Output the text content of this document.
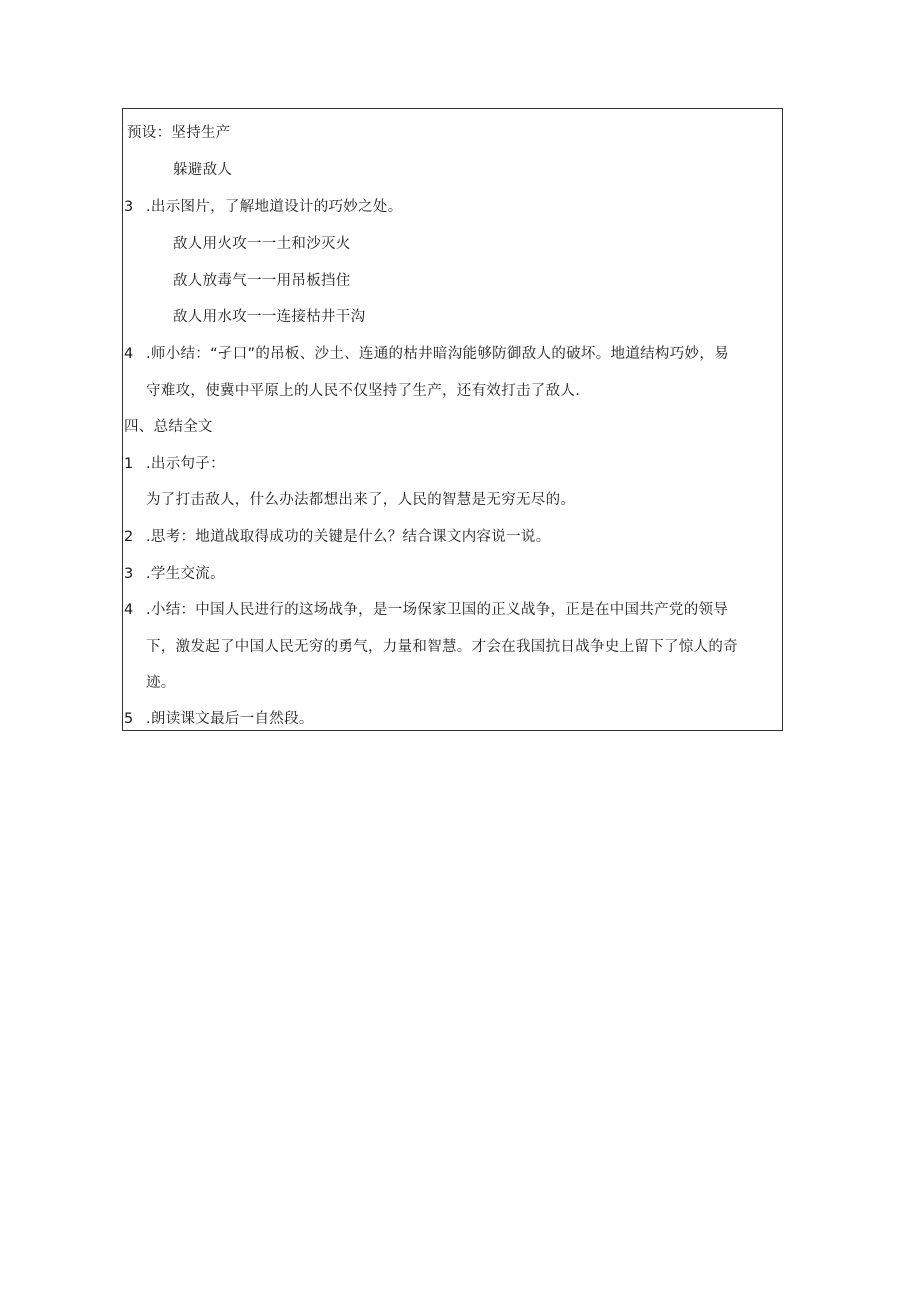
预设：坚持生产
躲避敌人
3 .出示图片，了解地道设计的巧妙之处。
敌人用火攻一一土和沙灭火
敌人放毒气一一用吊板挡住
敌人用水攻一一连接枯井干沟
4 .师小结：“孑口”的吊板、沙土、连通的枯井暗沟能够防御敌人的破坏。地道结构巧妙，易
守难攻，使冀中平原上的人民不仅坚持了生产，还有效打击了敌人.
四、总结全文
1 .出示句子：
为了打击敌人，什么办法都想出来了，人民的智慧是无穷无尽的。
2 .思考：地道战取得成功的关键是什么？结合课文内容说一说。
3 .学生交流。
4 .小结：中国人民进行的这场战争，是一场保家卫国的正义战争，正是在中国共产党的领导
下，激发起了中国人民无穷的勇气，力量和智慧。才会在我国抗日战争史上留下了惊人的奇
迹。
5 .朗读课文最后一自然段。
